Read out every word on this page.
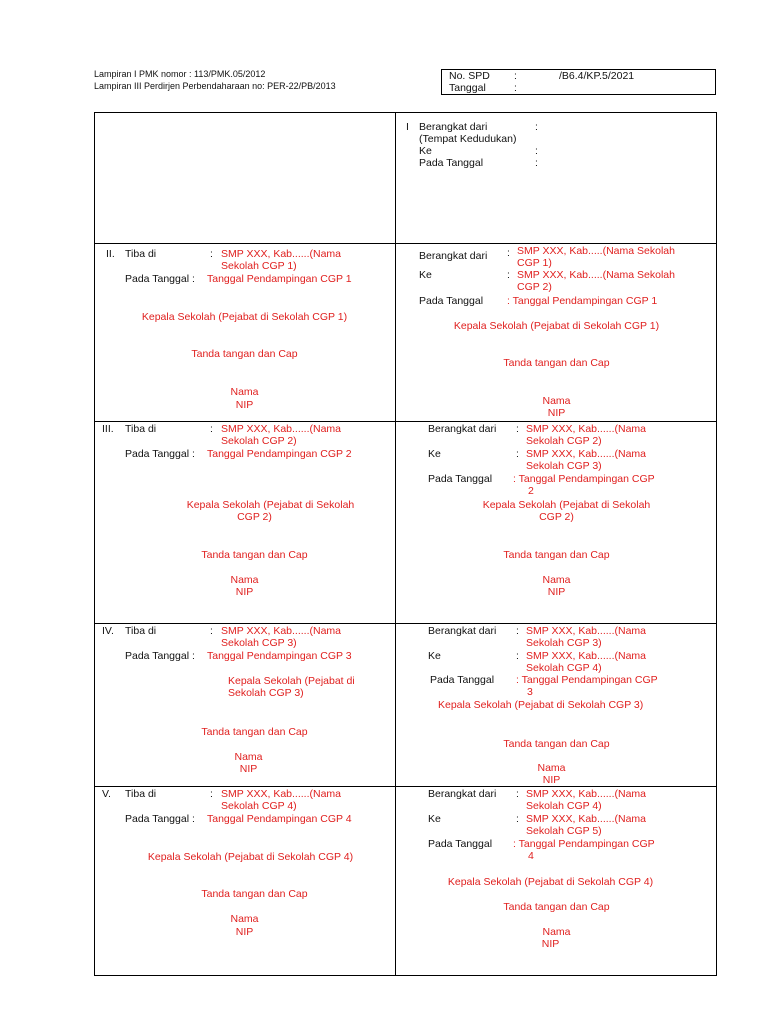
Lampiran I PMK nomor : 113/PMK.05/2012
Lampiran III Perdirjen Perbendaharaan no: PER-22/PB/2013
No. SPD :	/B6.4/KP.5/2021
Tanggal	:
I Berangkat dari	:
(Tempat Kedudukan)
Ke	:
Pada Tanggal	:
II. Tiba di	: SMP XXX, Kab......(Nama
Sekolah CGP 1)
Pada Tanggal : Tanggal Pendampingan CGP 1
Kepala Sekolah (Pejabat di Sekolah CGP 1)
Tanda tangan dan Cap
Nama
NIP
Berangkat dari : SMP XXX, Kab.....(Nama Sekolah
CGP 1)
Ke	: SMP XXX, Kab.....(Nama Sekolah
CGP 2)
Pada Tanggal : Tanggal Pendampingan CGP 1
Kepala Sekolah (Pejabat di Sekolah CGP 1)
Tanda tangan dan Cap
Nama
NIP
III. Tiba di	: SMP XXX, Kab......(Nama
Sekolah CGP 2)
Pada Tanggal : Tanggal Pendampingan CGP 2
Kepala Sekolah (Pejabat di Sekolah
CGP 2)
Tanda tangan dan Cap
Nama
NIP
Berangkat dari : SMP XXX, Kab......(Nama
Sekolah CGP 2)
Ke	: SMP XXX, Kab......(Nama
Sekolah CGP 3)
Pada Tanggal : Tanggal Pendampingan CGP
2
Kepala Sekolah (Pejabat di Sekolah
CGP 2)
Tanda tangan dan Cap
Nama
NIP
IV. Tiba di	: SMP XXX, Kab......(Nama
Sekolah CGP 3)
Pada Tanggal : Tanggal Pendampingan CGP 3
Kepala Sekolah (Pejabat di
Sekolah CGP 3)
Tanda tangan dan Cap
Nama
NIP
Berangkat dari : SMP XXX, Kab......(Nama
Sekolah CGP 3)
Ke	: SMP XXX, Kab......(Nama
Sekolah CGP 4)
Pada Tanggal : Tanggal Pendampingan CGP
3
Kepala Sekolah (Pejabat di Sekolah CGP 3)
Tanda tangan dan Cap
Nama
NIP
V. Tiba di	: SMP XXX, Kab......(Nama
Sekolah CGP 4)
Pada Tanggal : Tanggal Pendampingan CGP 4
Kepala Sekolah (Pejabat di Sekolah CGP 4)
Tanda tangan dan Cap
Nama
NIP
Berangkat dari : SMP XXX, Kab......(Nama
Sekolah CGP 4)
Ke	: SMP XXX, Kab......(Nama
Sekolah CGP 5)
Pada Tanggal : Tanggal Pendampingan CGP
4
Kepala Sekolah (Pejabat di Sekolah CGP 4)
Tanda tangan dan Cap
Nama
NIP
